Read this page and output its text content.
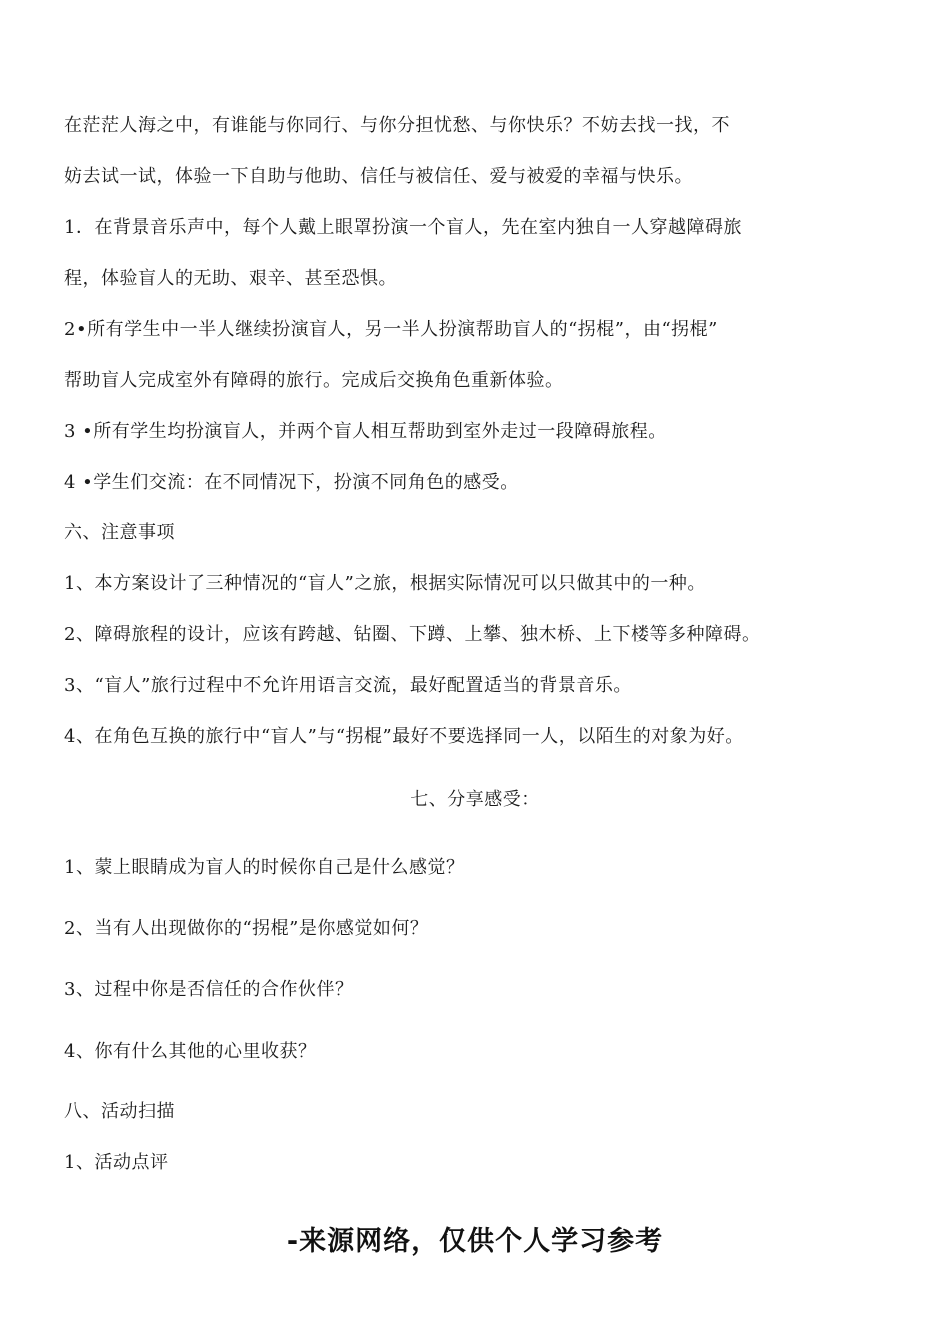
在茫茫人海之中，有谁能与你同行、与你分担忧愁、与你快乐？不妨去找一找，不
妨去试一试，体验一下自助与他助、信任与被信任、爱与被爱的幸福与快乐。
1．在背景音乐声中，每个人戴上眼罩扮演一个盲人，先在室内独自一人穿越障碍旅
程，体验盲人的无助、艰辛、甚至恐惧。
2•所有学生中一半人继续扮演盲人，另一半人扮演帮助盲人的“拐棍”，由“拐棍”
帮助盲人完成室外有障碍的旅行。完成后交换角色重新体验。
3 •所有学生均扮演盲人，并两个盲人相互帮助到室外走过一段障碍旅程。
4 •学生们交流：在不同情况下，扮演不同角色的感受。
六、注意事项
1、本方案设计了三种情况的“盲人”之旅，根据实际情况可以只做其中的一种。
2、障碍旅程的设计，应该有跨越、钻圈、下蹲、上攀、独木桥、上下楼等多种障碍。
3、“盲人”旅行过程中不允许用语言交流，最好配置适当的背景音乐。
4、在角色互换的旅行中“盲人”与“拐棍”最好不要选择同一人，以陌生的对象为好。
七、分享感受：
1、蒙上眼睛成为盲人的时候你自己是什么感觉？
2、当有人出现做你的“拐棍”是你感觉如何？
3、过程中你是否信任的合作伙伴？
4、你有什么其他的心里收获？
八、活动扫描
1、活动点评
-来源网络，仅供个人学习参考
